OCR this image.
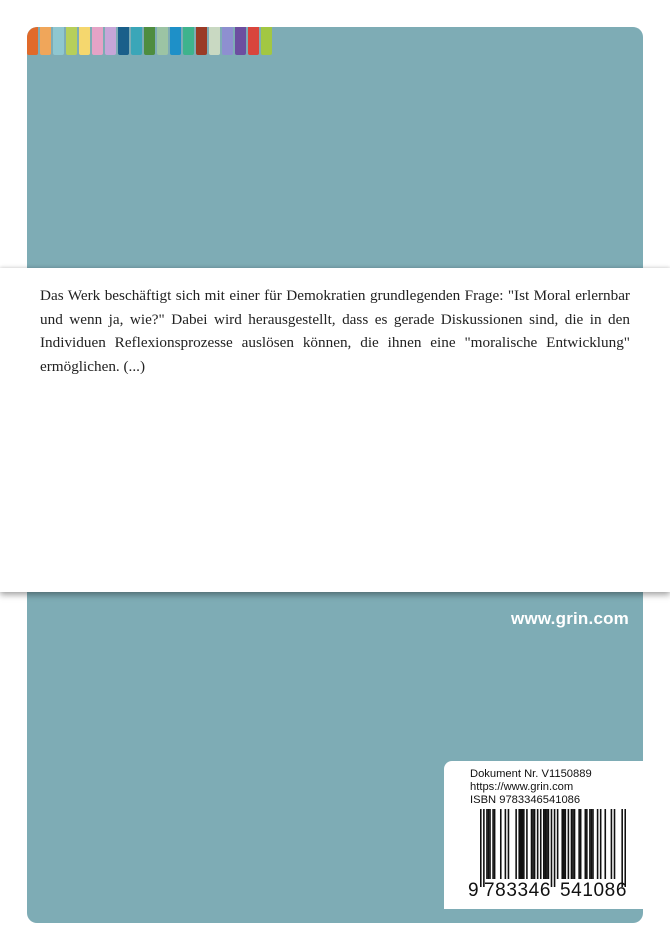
Das Werk beschäftigt sich mit einer für Demokratien grundlegenden Frage: "Ist Moral erlernbar und wenn ja, wie?" Dabei wird herausgestellt, dass es gerade Diskussionen sind, die in den Individuen Reflexionsprozesse auslösen können, die ihnen eine "moralische Entwicklung" ermöglichen. (...)

www.grin.com
Dokument Nr. V1150889
https://www.grin.com
ISBN 9783346541086
9 783346 541086
